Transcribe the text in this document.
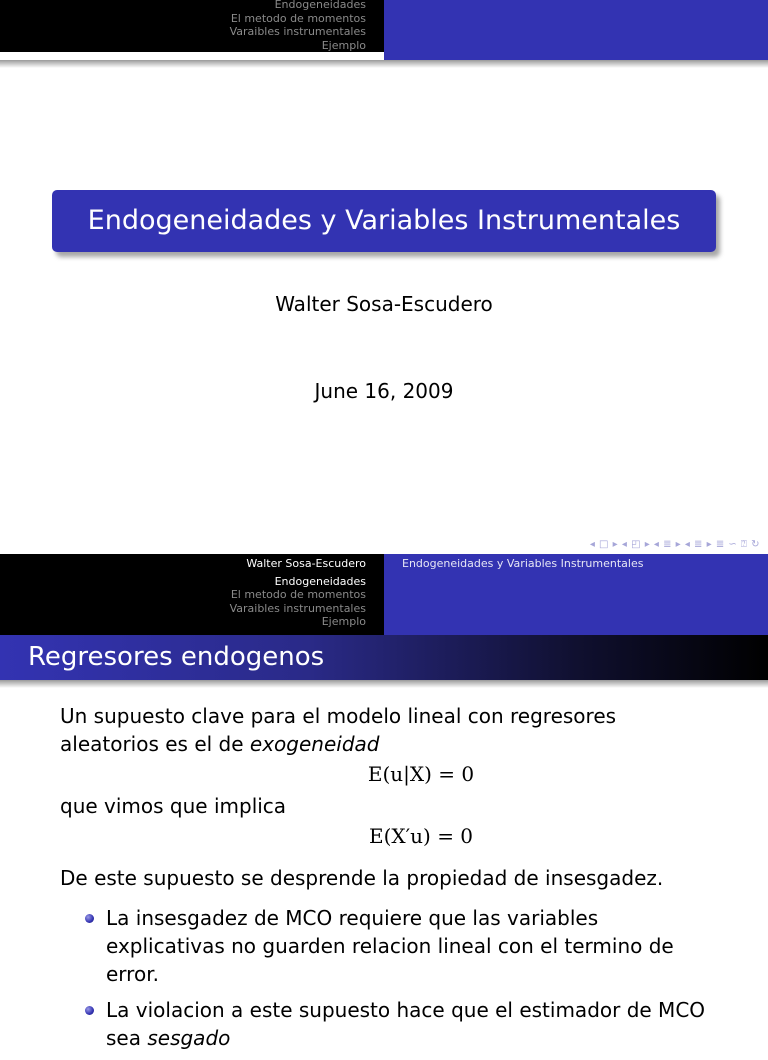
Endogeneidades
El metodo de momentos
Varaibles instrumentales
Ejemplo
Endogeneidades y Variables Instrumentales
Walter Sosa-Escudero
June 16, 2009
◂ □ ▸ ◂ ◰ ▸ ◂ ≣ ▸ ◂ ≣ ▸ ≣ ∽ ⍰ ↻
Walter Sosa-Escudero
Endogeneidades
El metodo de momentos
Varaibles instrumentales
Ejemplo
Endogeneidades y Variables Instrumentales
Regresores endogenos

Un supuesto clave para el modelo lineal con regresores aleatorios es el de exogeneidad

E(u|X) = 0

que vimos que implica

E(X′u) = 0

De este supuesto se desprende la propiedad de insesgadez.

La insesgadez de MCO requiere que las variables explicativas no guarden relacion lineal con el termino de error.
La violacion a este supuesto hace que el estimador de MCO sea sesgado
